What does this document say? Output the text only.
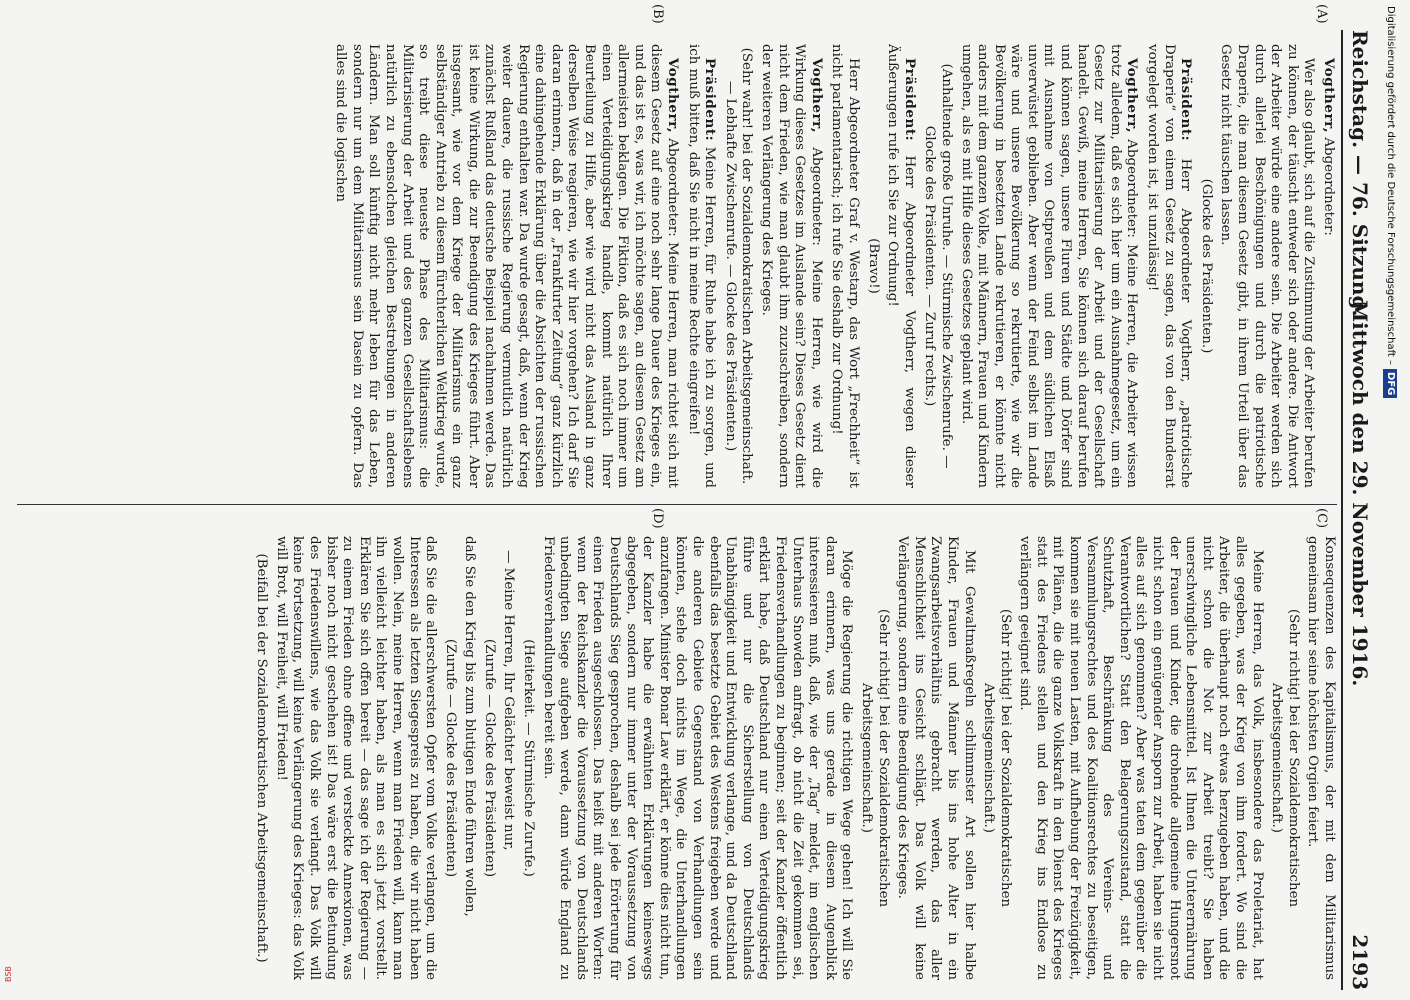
Reichstag. — 76. Sitzung.
Mittwoch den 29. November 1916.
2193
(A)
(B)
(C)
(D)

Vogtherr, Abgeordneter:

Wer also glaubt, sich auf die Zustimmung der Arbeiter berufen zu können, der täuscht entweder sich oder andere. Die Antwort der Arbeiter würde eine andere sein. Die Arbeiter werden sich durch allerlei Beschönigungen und durch die patriotische Draperie, die man diesem Gesetz gibt, in ihrem Urteil über das Gesetz nicht täuschen lassen.

(Glocke des Präsidenten.)

Präsident: Herr Abgeordneter Vogtherr, „patriotische Draperie“ von einem Gesetz zu sagen, das von den Bundesrat vorgelegt worden ist, ist unzulässig!

Vogtherr, Abgeordneter: Meine Herren, die Arbeiter wissen trotz alledem, daß es sich hier um ein Ausnahmegesetz, um ein Gesetz zur Militarisierung der Arbeit und der Gesellschaft handelt. Gewiß, meine Herren, Sie können sich darauf berufen und können sagen, unsere Fluren und Städte und Dörfer sind mit Ausnahme von Ostpreußen und dem südlichen Elsaß unverwüstet geblieben. Aber wenn der Feind selbst im Lande wäre und unsere Bevölkerung so rekrutierte, wie wir die Bevölkerung in besetzten Lande rekrutieren, er könnte nicht anders mit dem ganzen Volke, mit Männern, Frauen und Kindern umgehen, als es mit Hilfe dieses Gesetzes geplant wird.

(Anhaltende große Unruhe. — Stürmische Zwischenrufe. — Glocke des Präsidenten. — Zuruf rechts.)

Präsident: Herr Abgeordneter Vogtherr, wegen dieser Äußerungen rufe ich Sie zur Ordnung!

(Bravo!)

Herr Abgeordneter Graf v. Westarp, das Wort „Frechheit“ ist nicht parlamentarisch; ich rufe Sie deshalb zur Ordnung!

Vogtherr, Abgeordneter: Meine Herren, wie wird die Wirkung dieses Gesetzes im Auslande sein? Dieses Gesetz dient nicht dem Frieden, wie man glaubt ihm zuzuschreiben, sondern der weiteren Verlängerung des Krieges.

(Sehr wahr! bei der Sozialdemokratischen Arbeitsgemeinschaft. — Lebhafte Zwischenrufe. — Glocke des Präsidenten.)

Präsident: Meine Herren, für Ruhe habe ich zu sorgen, und ich muß bitten, daß Sie nicht in meine Rechte eingreifen!

Vogtherr, Abgeordneter: Meine Herren, man richtet sich mit diesem Gesetz auf eine noch sehr lange Dauer des Krieges ein, und das ist es, was wir, ich möchte sagen, an diesem Gesetz am allermeisten beklagen. Die Fiktion, daß es sich noch immer um einen Verteidigungskrieg handle, kommt natürlich Ihrer Beurteilung zu Hilfe, aber wie wird nicht das Ausland in ganz derselben Weise reagieren, wie wir hier vorgehen? Ich darf Sie daran erinnern, daß in der „Frankfurter Zeitung“ ganz kürzlich eine dahingehende Erklärung über die Absichten der russischen Regierung enthalten war. Da wurde gesagt, daß, wenn der Krieg weiter dauere, die russische Regierung vermutlich natürlich zunächst Rußland das deutsche Beispiel nachahmen werde. Das ist keine Wirkung, die zur Beendigung des Krieges führt. Aber insgesamt, wie vor dem Kriege der Militarismus ein ganz selbständiger Antrieb zu diesem fürchterlichen Weltkrieg wurde, so treibt diese neueste Phase des Militarismus: die Militarisierung der Arbeit und des ganzen Gesellschaftslebens natürlich zu ebensolchen gleichen Bestrebungen in anderen Ländern. Man soll künftig nicht mehr leben für das Leben, sondern nur um dem Militarismus sein Dasein zu opfern. Das alles sind die logischen

Konsequenzen des Kapitalismus, der mit dem Militarismus gemeinsam hier seine höchsten Orgien feiert.

(Sehr richtig! bei der Sozialdemokratischen Arbeitsgemeinschaft.)

Meine Herren, das Volk, insbesondere das Proletariat, hat alles gegeben, was der Krieg von ihm fordert. Wo sind die Arbeiter, die überhaupt noch etwas herzugeben haben, und die nicht schon die Not zur Arbeit treibt? Sie haben unerschwingliche Lebensmittel. Ist Ihnen die Unterernährung der Frauen und Kinder, die drohende allgemeine Hungersnot nicht schon ein genügender Ansporn zur Arbeit, haben sie nicht alles auf sich genommen? Aber was taten dem gegenüber die Verantwortlichen? Statt den Belagerungszustand, statt die Schutzhaft, Beschränkung des Vereins- und Versammlungsrechtes und des Koalitionsrechtes zu beseitigen, kommen sie mit neuen Lasten, mit Aufhebung der Freizügigkeit, mit Plänen, die die ganze Volkskraft in den Dienst des Krieges statt des Friedens stellen und den Krieg ins Endlose zu verlängern geeignet sind.

(Sehr richtig! bei der Sozialdemokratischen Arbeitsgemeinschaft.)

Mit Gewaltmaßregeln schlimmster Art sollen hier halbe Kinder, Frauen und Männer bis ins hohe Alter in ein Zwangsarbeitsverhältnis gebracht werden, das aller Menschlichkeit ins Gesicht schlägt. Das Volk will keine Verlängerung, sondern eine Beendigung des Krieges.

(Sehr richtig! bei der Sozialdemokratischen Arbeitsgemeinschaft.)

Möge die Regierung die richtigen Wege gehen! Ich will Sie daran erinnern, was uns gerade in diesem Augenblick interessieren muß, daß, wie der „Tag“ meldet, im englischen Unterhaus Snowden anfragt, ob nicht die Zeit gekommen sei, Friedensverhandlungen zu beginnen; seit der Kanzler öffentlich erklärt habe, daß Deutschland nur einen Verteidigungskrieg führe und nur die Sicherstellung von Deutschlands Unabhängigkeit und Entwicklung verlange, und da Deutschland ebenfalls das besetzte Gebiet des Westens freigeben werde und die anderen Gebiete Gegenstand von Verhandlungen sein könnten, stehe doch nichts im Wege, die Unterhandlungen anzufangen. Minister Bonar Law erklärt, er könne dies nicht tun, der Kanzler habe die erwähnten Erklärungen keineswegs abgegeben, sondern nur immer unter der Voraussetzung von Deutschlands Sieg gesprochen, deshalb sei jede Erörterung für einen Frieden ausgeschlossen. Das heißt mit anderen Worten: wenn der Reichskanzler die Voraussetzung von Deutschlands unbedingten Siege aufgeben werde, dann würde England zu Friedensverhandlungen bereit sein.

(Heiterkeit. — Stürmische Zurufe.)

— Meine Herren, Ihr Gelächter beweist nur,

(Zurufe — Glocke des Präsidenten)

daß Sie den Krieg bis zum blutigen Ende führen wollen,

(Zurufe — Glocke des Präsidenten)

daß Sie die allerschwersten Opfer vom Volke verlangen, um die Interessen als letzten Siegespreis zu haben, die wir nicht haben wollen. Nein, meine Herren, wenn man Frieden will, kann man ihn vielleicht leichter haben, als man es sich jetzt vorstellt. Erklären Sie sich offen bereit — das sage ich der Regierung — zu einem Frieden ohne offene und versteckte Annexionen, was bisher noch nicht geschehen ist! Das wäre erst die Betundung des Friedenswillens, wie das Volk sie verlangt. Das Volk will keine Fortsetzung, will keine Verlängerung des Krieges: das Volk will Brot, will Freiheit, will Frieden!

(Beifall bei der Sozialdemokratischen Arbeitsgemeinschaft.)

Digitalisierung gefördert durch die Deutsche Forschungsgemeinschaft –DFG
BSB
